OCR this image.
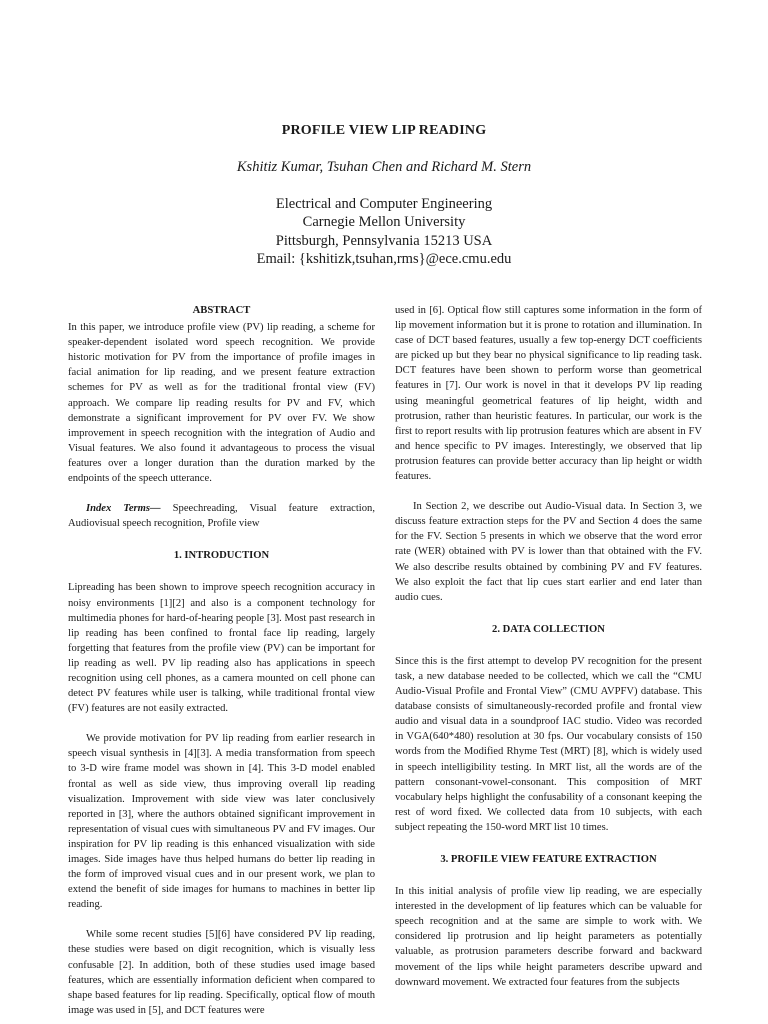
PROFILE VIEW LIP READING
Kshitiz Kumar, Tsuhan Chen and Richard M. Stern
Electrical and Computer Engineering
Carnegie Mellon University
Pittsburgh, Pennsylvania 15213 USA
Email: {kshitizk,tsuhan,rms}@ece.cmu.edu

ABSTRACT

In this paper, we introduce profile view (PV) lip reading, a scheme for speaker-dependent isolated word speech recognition. We provide historic motivation for PV from the importance of profile images in facial animation for lip reading, and we present feature extraction schemes for PV as well as for the traditional frontal view (FV) approach. We compare lip reading results for PV and FV, which demonstrate a significant improvement for PV over FV. We show improvement in speech recognition with the integration of Audio and Visual features. We also found it advantageous to process the visual features over a longer duration than the duration marked by the endpoints of the speech utterance.

Index Terms— Speechreading, Visual feature extraction, Audiovisual speech recognition, Profile view

1. INTRODUCTION

Lipreading has been shown to improve speech recognition accuracy in noisy environments [1][2] and also is a component technology for multimedia phones for hard-of-hearing people [3]. Most past research in lip reading has been confined to frontal face lip reading, largely forgetting that features from the profile view (PV) can be important for lip reading as well. PV lip reading also has applications in speech recognition using cell phones, as a camera mounted on cell phone can detect PV features while user is talking, while traditional frontal view (FV) features are not easily extracted.

We provide motivation for PV lip reading from earlier research in speech visual synthesis in [4][3]. A media transformation from speech to 3-D wire frame model was shown in [4]. This 3-D model enabled frontal as well as side view, thus improving overall lip reading visualization. Improvement with side view was later conclusively reported in [3], where the authors obtained significant improvement in representation of visual cues with simultaneous PV and FV images. Our inspiration for PV lip reading is this enhanced visualization with side images. Side images have thus helped humans do better lip reading in the form of improved visual cues and in our present work, we plan to extend the benefit of side images for humans to machines in better lip reading.

While some recent studies [5][6] have considered PV lip reading, these studies were based on digit recognition, which is visually less confusable [2]. In addition, both of these studies used image based features, which are essentially information deficient when compared to shape based features for lip reading. Specifically, optical flow of mouth image was used in [5], and DCT features were

used in [6]. Optical flow still captures some information in the form of lip movement information but it is prone to rotation and illumination. In case of DCT based features, usually a few top-energy DCT coefficients are picked up but they bear no physical significance to lip reading task. DCT features have been shown to perform worse than geometrical features in [7]. Our work is novel in that it develops PV lip reading using meaningful geometrical features of lip height, width and protrusion, rather than heuristic features. In particular, our work is the first to report results with lip protrusion features which are absent in FV and hence specific to PV images. Interestingly, we observed that lip protrusion features can provide better accuracy than lip height or width features.

In Section 2, we describe out Audio-Visual data. In Section 3, we discuss feature extraction steps for the PV and Section 4 does the same for the FV. Section 5 presents in which we observe that the word error rate (WER) obtained with PV is lower than that obtained with the FV. We also describe results obtained by combining PV and FV features. We also exploit the fact that lip cues start earlier and end later than audio cues.

2. DATA COLLECTION

Since this is the first attempt to develop PV recognition for the present task, a new database needed to be collected, which we call the “CMU Audio-Visual Profile and Frontal View” (CMU AVPFV) database. This database consists of simultaneously-recorded profile and frontal view audio and visual data in a soundproof IAC studio. Video was recorded in VGA(640*480) resolution at 30 fps. Our vocabulary consists of 150 words from the Modified Rhyme Test (MRT) [8], which is widely used in speech intelligibility testing. In MRT list, all the words are of the pattern consonant-vowel-consonant. This composition of MRT vocabulary helps highlight the confusability of a consonant keeping the rest of word fixed. We collected data from 10 subjects, with each subject repeating the 150-word MRT list 10 times.

3. PROFILE VIEW FEATURE EXTRACTION

In this initial analysis of profile view lip reading, we are especially interested in the development of lip features which can be valuable for speech recognition and at the same are simple to work with. We considered lip protrusion and lip height parameters as potentially valuable, as protrusion parameters describe forward and backward movement of the lips while height parameters describe upward and downward movement. We extracted four features from the subjects
